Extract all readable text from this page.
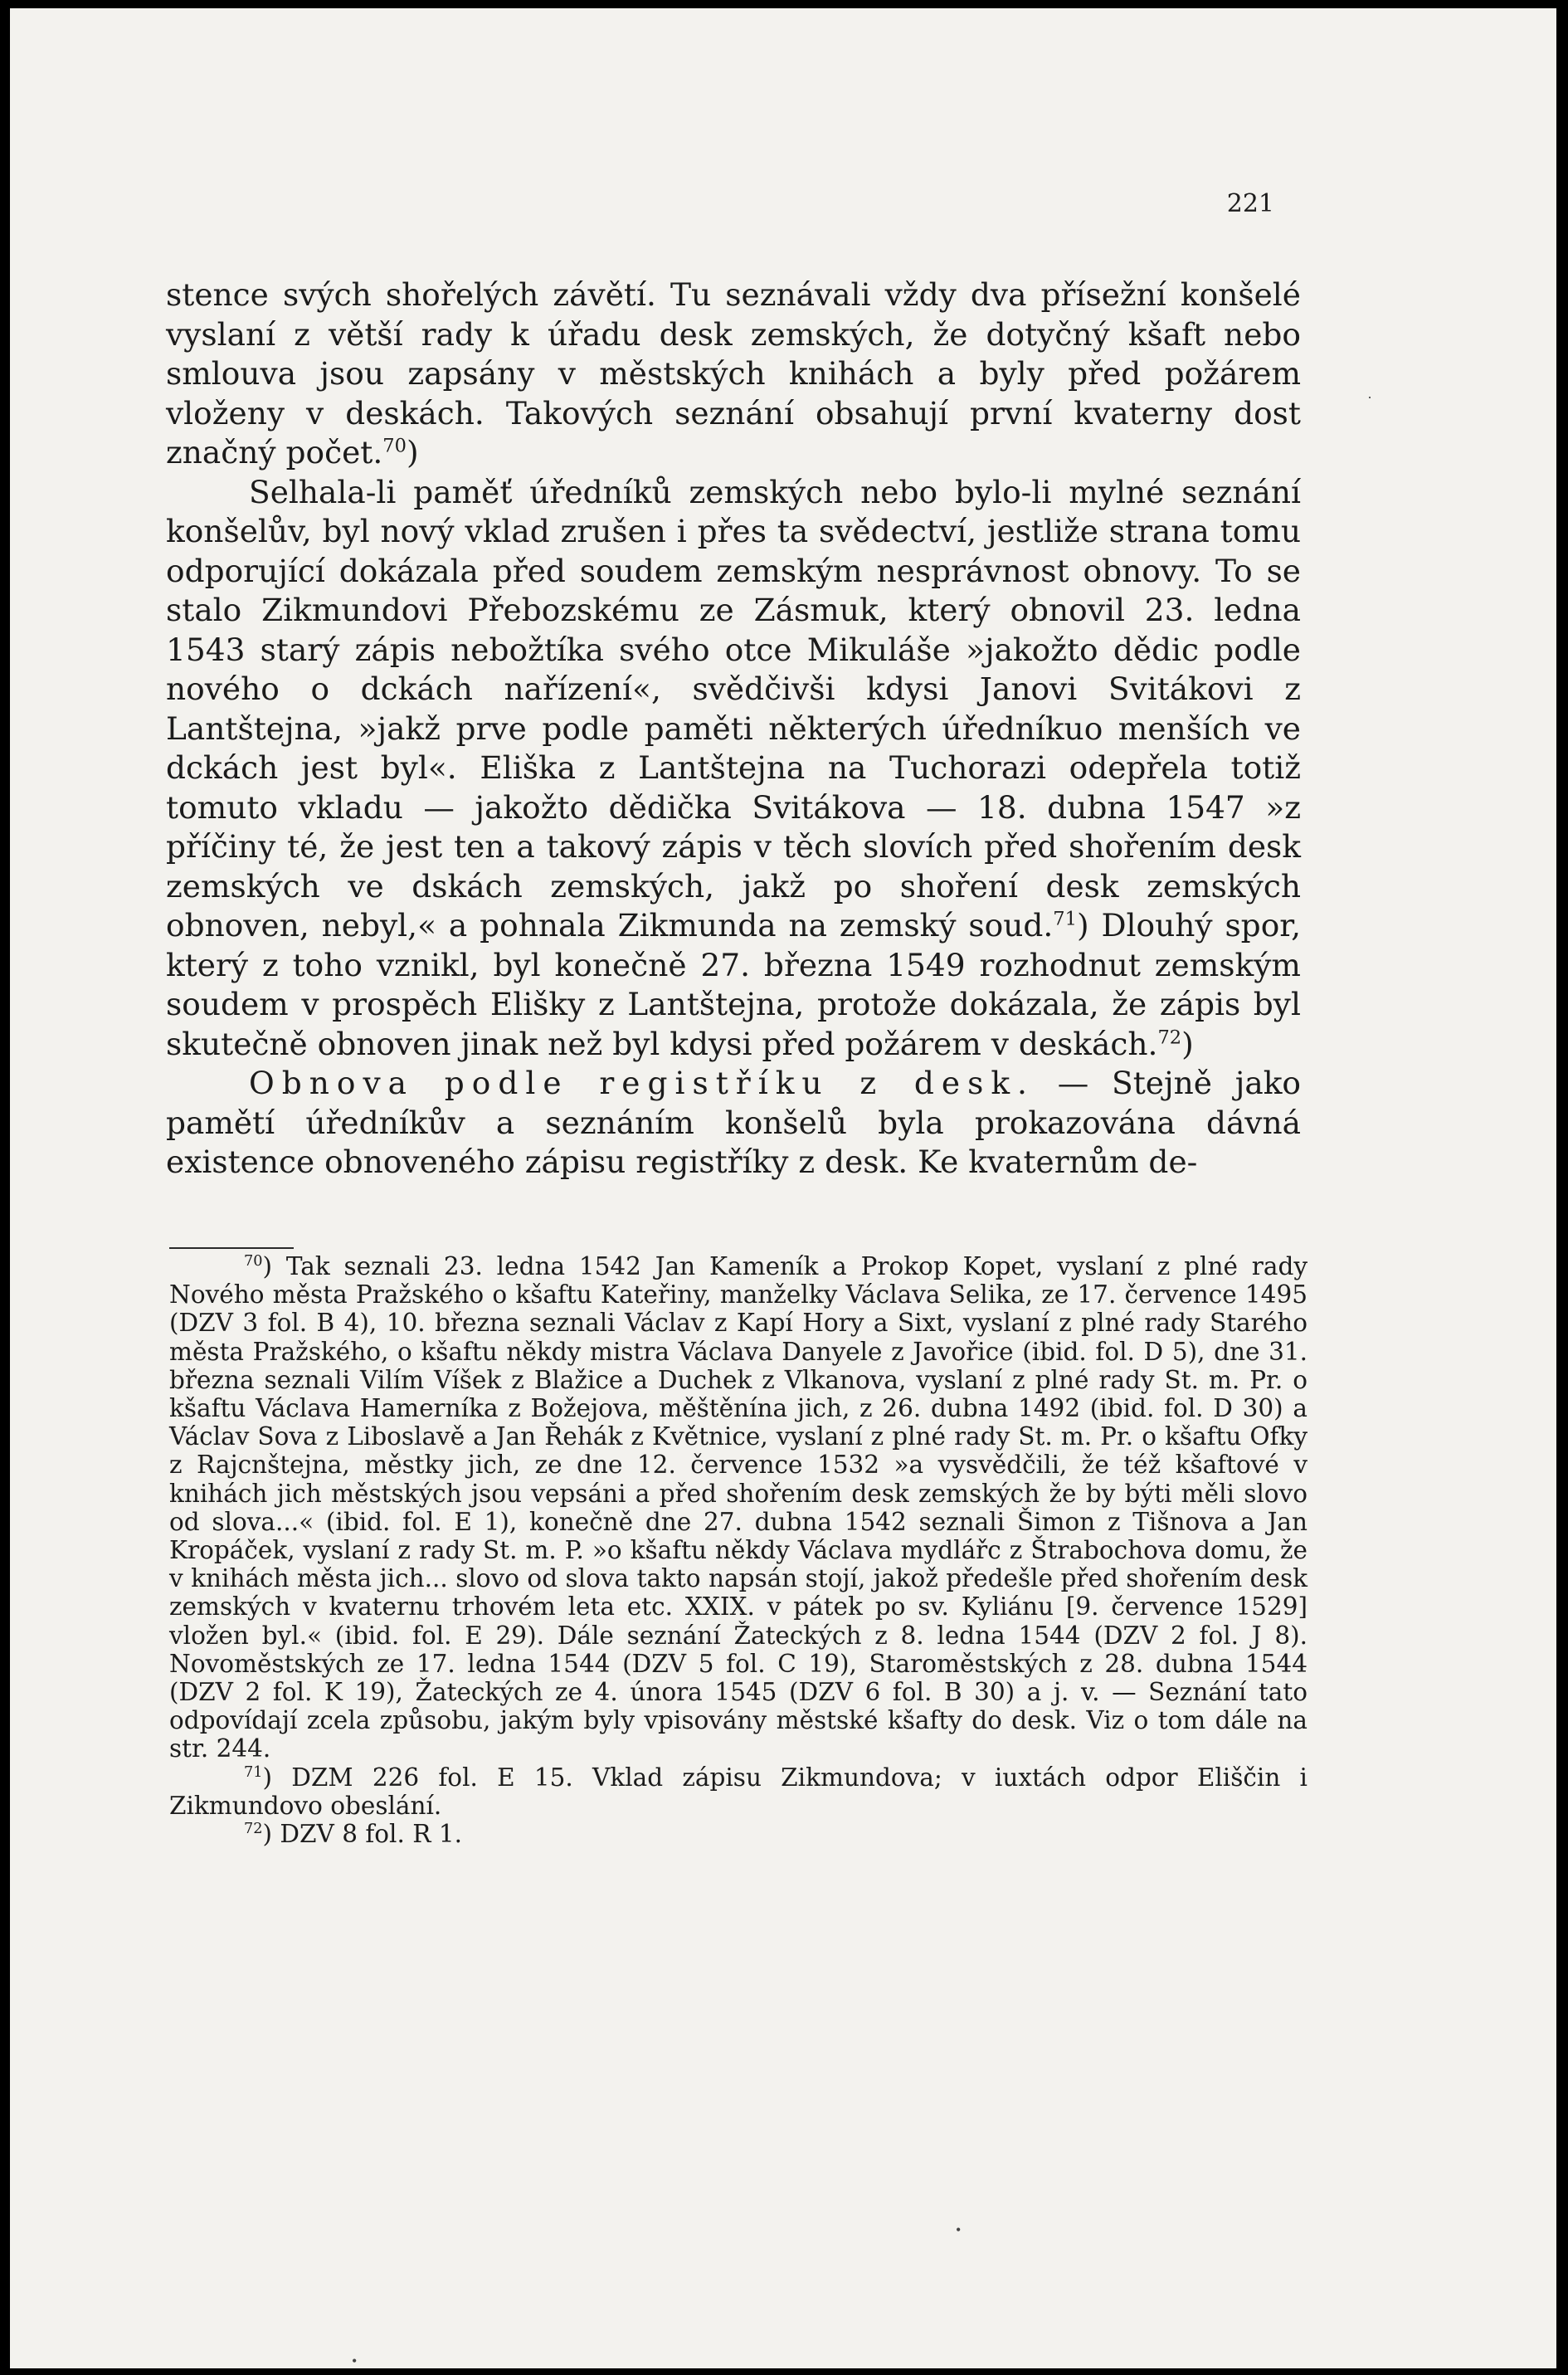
221

stence svých shořelých závětí. Tu seznávali vždy dva přísežní konšelé vyslaní z větší rady k úřadu desk zemských, že dotyčný kšaft nebo smlouva jsou zapsány v městských knihách a byly před požárem vloženy v deskách. Takových seznání obsahují první kvaterny dost značný počet.$^{70}$)

Selhala-li paměť úředníků zemských nebo bylo-li mylné seznání konšelův, byl nový vklad zrušen i přes ta svědectví, jestliže strana tomu odporující dokázala před soudem zemským nesprávnost obnovy. To se stalo Zikmundovi Přebozskému ze Zásmuk, který obnovil 23. ledna 1543 starý zápis nebožtíka svého otce Mikuláše »jakožto dědic podle nového o dckách nařízení«, svědčivši kdysi Janovi Svitákovi z Lantštejna, »jakž prve podle paměti některých úředníkuo menších ve dckách jest byl«. Eliška z Lantštejna na Tuchorazi odepřela totiž tomuto vkladu — jakožto dědička Svitákova — 18. dubna 1547 »z příčiny té, že jest ten a takový zápis v těch slovích před shořením desk zemských ve dskách zemských, jakž po shoření desk zemských obnoven, nebyl,« a pohnala Zikmunda na zemský soud.$^{71}$) Dlouhý spor, který z toho vznikl, byl konečně 27. března 1549 rozhodnut zemským soudem v prospěch Elišky z Lantštejna, protože dokázala, že zápis byl skutečně obnoven jinak než byl kdysi před požárem v deskách.$^{72}$)

Obnova podle registříku z desk. — Stejně jako pamětí úředníkův a seznáním konšelů byla prokazována dávná existence obnoveného zápisu registříky z desk. Ke kvaternům de-

$^{70}$) Tak seznali 23. ledna 1542 Jan Kameník a Prokop Kopet, vyslaní z plné rady Nového města Pražského o kšaftu Kateřiny, manželky Václava Selika, ze 17. července 1495 (DZV 3 fol. B 4), 10. března seznali Václav z Kapí Hory a Sixt, vyslaní z plné rady Starého města Pražského, o kšaftu někdy mistra Václava Danyele z Javořice (ibid. fol. D 5), dne 31. března seznali Vilím Víšek z Blažice a Duchek z Vlkanova, vyslaní z plné rady St. m. Pr. o kšaftu Václava Hamerníka z Božejova, měštěnína jich, z 26. dubna 1492 (ibid. fol. D 30) a Václav Sova z Liboslavě a Jan Řehák z Květnice, vyslaní z plné rady St. m. Pr. o kšaftu Ofky z Rajcnštejna, městky jich, ze dne 12. července 1532 »a vysvědčili, že též kšaftové v knihách jich městských jsou vepsáni a před shořením desk zemských že by býti měli slovo od slova...« (ibid. fol. E 1), konečně dne 27. dubna 1542 seznali Šimon z Tišnova a Jan Kropáček, vyslaní z rady St. m. P. »o kšaftu někdy Václava mydlářc z Štrabochova domu, že v knihách města jich... slovo od slova takto napsán stojí, jakož předešle před shořením desk zemských v kvaternu trhovém leta etc. XXIX. v pátek po sv. Kyliánu [9. července 1529] vložen byl.« (ibid. fol. E 29). Dále seznání Žateckých z 8. ledna 1544 (DZV 2 fol. J 8). Novoměstských ze 17. ledna 1544 (DZV 5 fol. C 19), Staroměstských z 28. dubna 1544 (DZV 2 fol. K 19), Žateckých ze 4. února 1545 (DZV 6 fol. B 30) a j. v. — Seznání tato odpovídají zcela způsobu, jakým byly vpisovány městské kšafty do desk. Viz o tom dále na str. 244.

$^{71}$) DZM 226 fol. E 15. Vklad zápisu Zikmundova; v iuxtách odpor Eliščin i Zikmundovo obeslání.

$^{72}$) DZV 8 fol. R 1.

•
·
•
